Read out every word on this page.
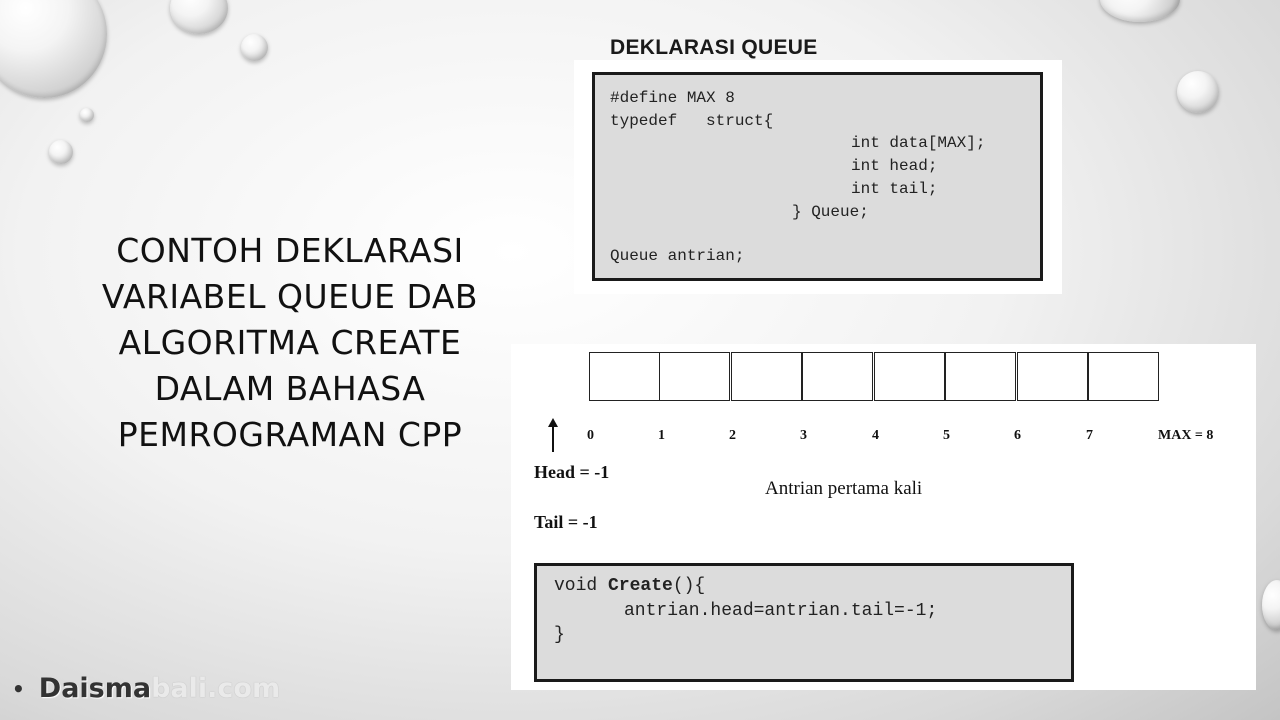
CONTOH DEKLARASI
VARIABEL QUEUE DAB
ALGORITMA CREATE
DALAM BAHASA
PEMROGRAMAN CPP
• Daisma bali.com
DEKLARASI QUEUE
#define MAX 8
typedef   struct{
int data[MAX];
int head;
int tail;
} Queue;
Queue antrian;
0	1	2	3	4	5	6	7	MAX = 8
Head = -1
Antrian pertama kali
Tail = -1
void Create(){
antrian.head=antrian.tail=-1;
}
